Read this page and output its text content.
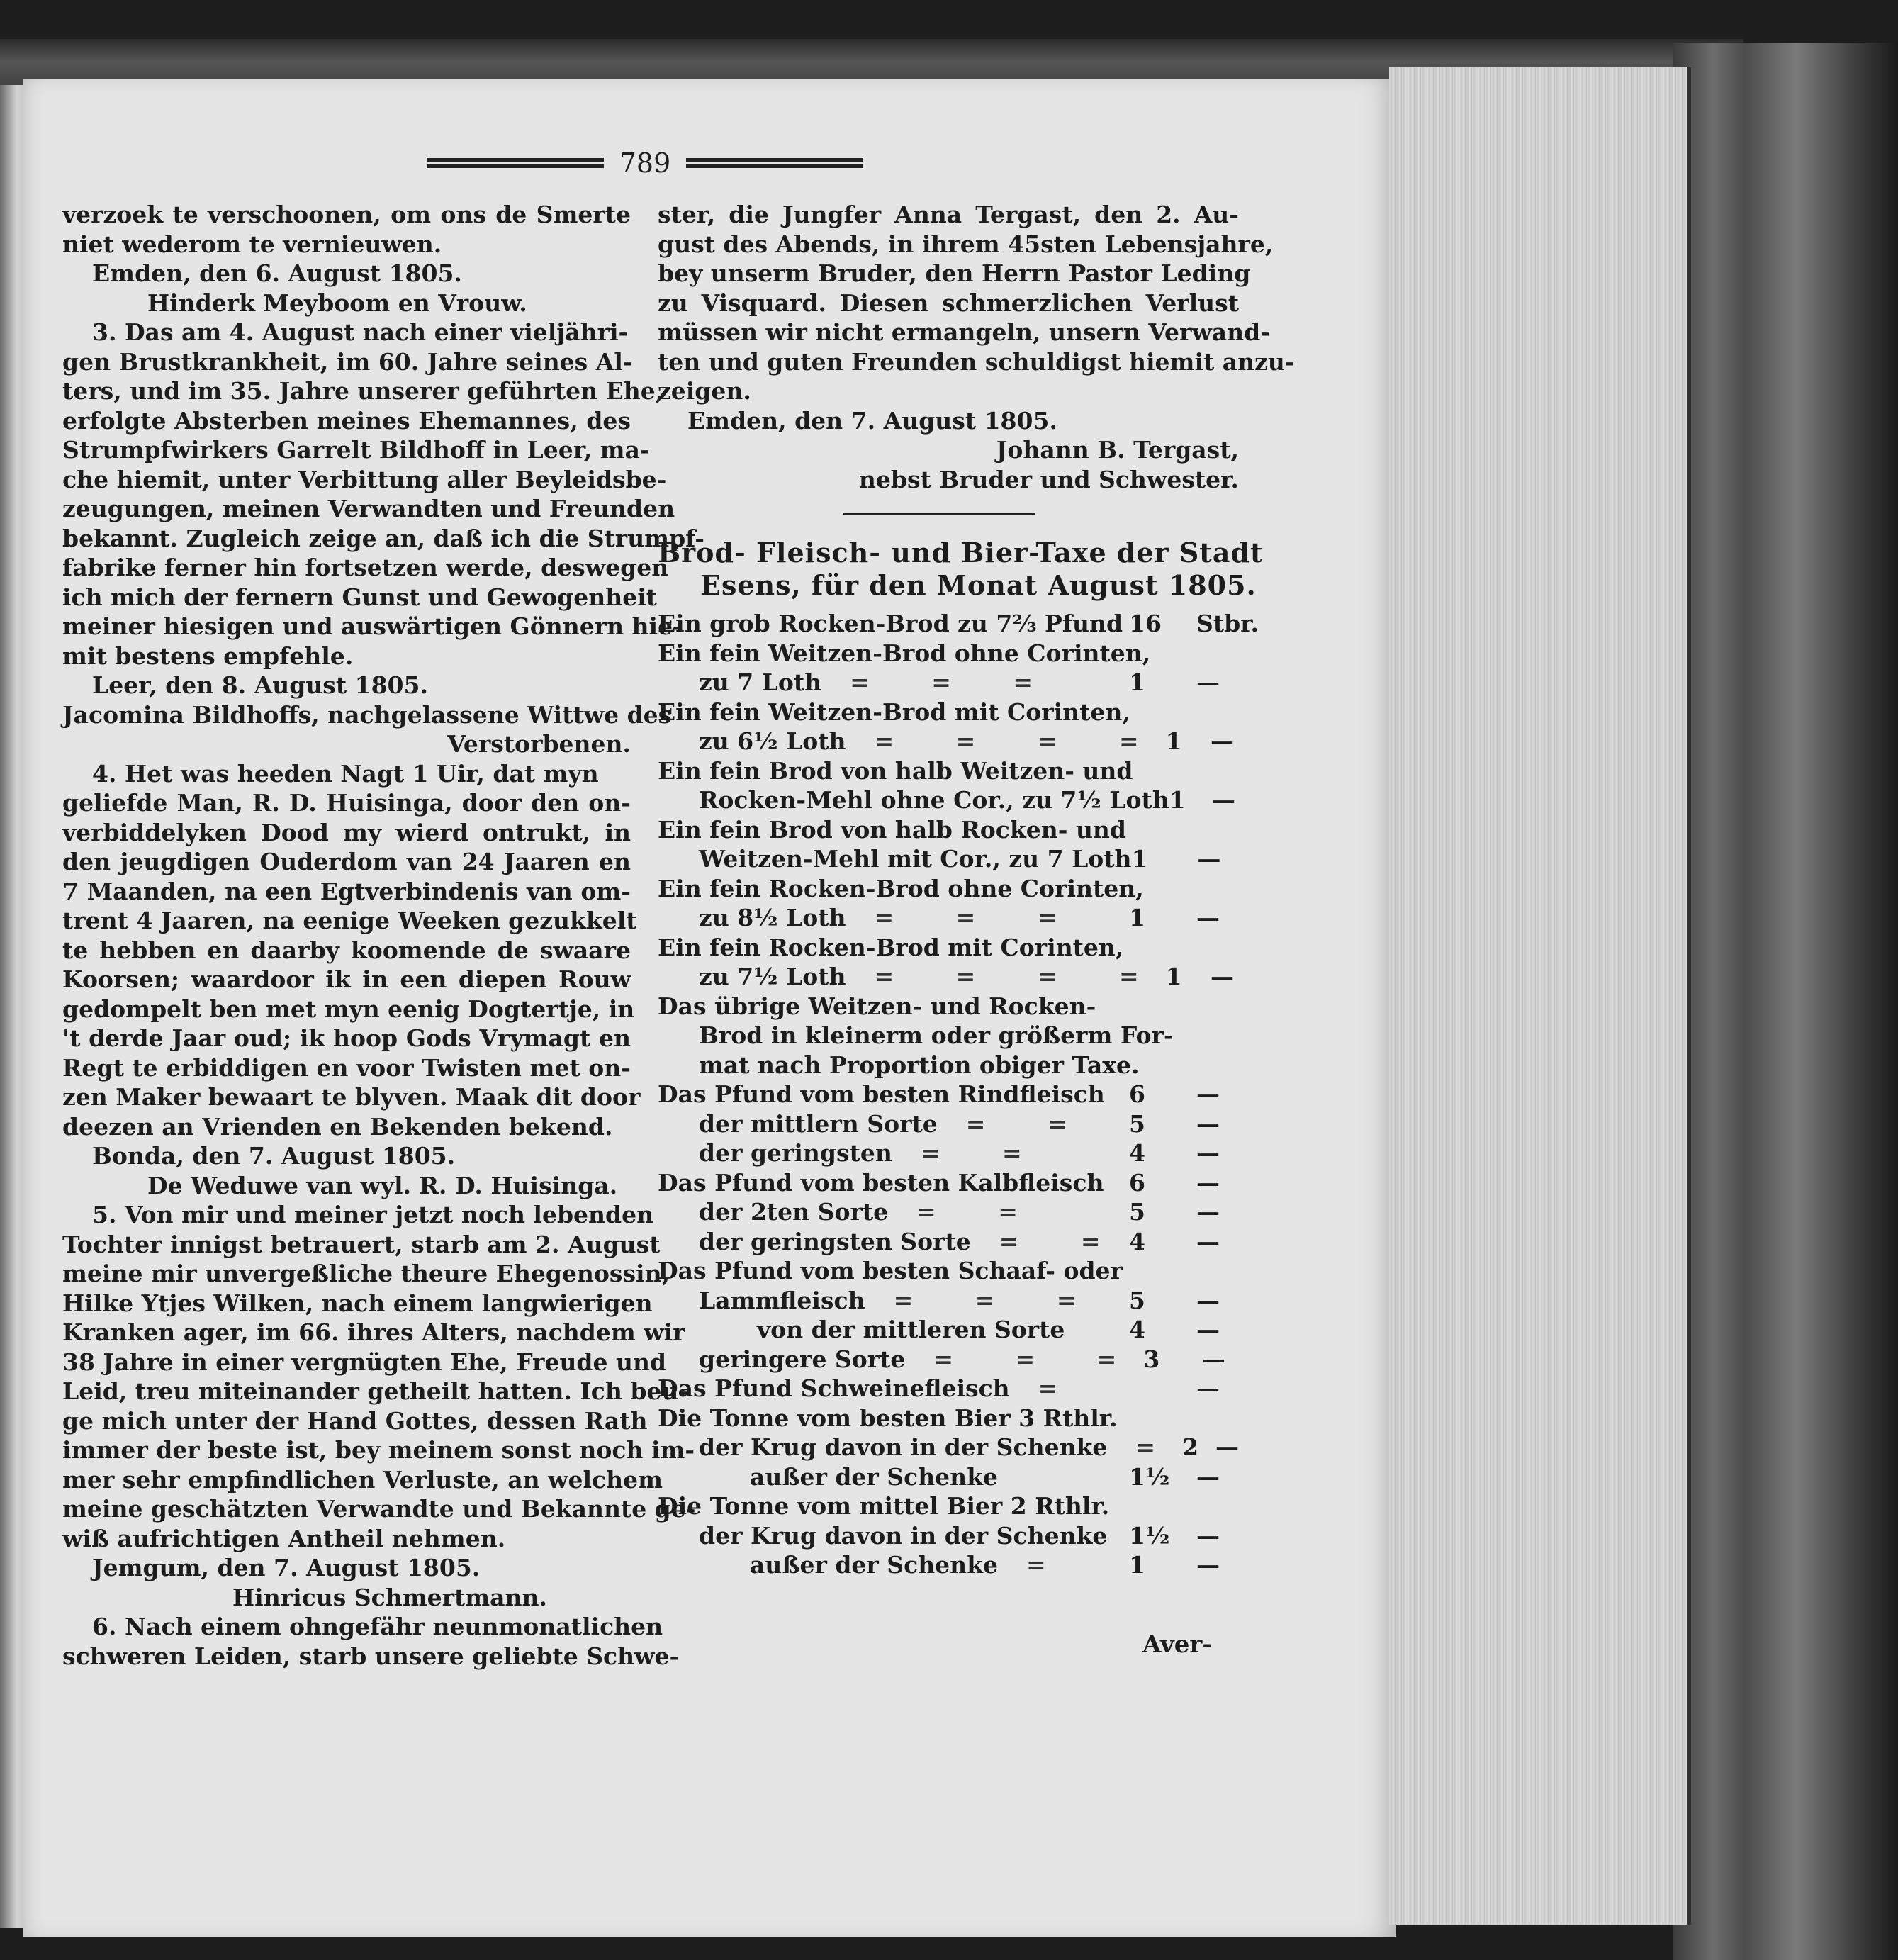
789
verzoek te verschoonen, om ons de Smerte
niet wederom te vernieuwen.
Emden, den 6. August 1805.
Hinderk Meyboom en Vrouw.
3. Das am 4. August nach einer vieljähri-
gen Brustkrankheit, im 60. Jahre seines Al-
ters, und im 35. Jahre unserer geführten Ehe,
erfolgte Absterben meines Ehemannes, des
Strumpfwirkers Garrelt Bildhoff in Leer, ma-
che hiemit, unter Verbittung aller Beyleidsbe-
zeugungen, meinen Verwandten und Freunden
bekannt. Zugleich zeige an, daß ich die Strumpf-
fabrike ferner hin fortsetzen werde, deswegen
ich mich der fernern Gunst und Gewogenheit
meiner hiesigen und auswärtigen Gönnern hie-
mit bestens empfehle.
Leer, den 8. August 1805.
Jacomina Bildhoffs, nachgelassene Wittwe des
Verstorbenen.
4. Het was heeden Nagt 1 Uir, dat myn
geliefde Man, R. D. Huisinga, door den on-
verbiddelyken Dood my wierd ontrukt, in
den jeugdigen Ouderdom van 24 Jaaren en
7 Maanden, na een Egtverbindenis van om-
trent 4 Jaaren, na eenige Weeken gezukkelt
te hebben en daarby koomende de swaare
Koorsen; waardoor ik in een diepen Rouw
gedompelt ben met myn eenig Dogtertje, in
't derde Jaar oud; ik hoop Gods Vrymagt en
Regt te erbiddigen en voor Twisten met on-
zen Maker bewaart te blyven. Maak dit door
deezen an Vrienden en Bekenden bekend.
Bonda, den 7. August 1805.
De Weduwe van wyl. R. D. Huisinga.
5. Von mir und meiner jetzt noch lebenden
Tochter innigst betrauert, starb am 2. August
meine mir unvergeßliche theure Ehegenossin,
Hilke Ytjes Wilken, nach einem langwierigen
Kranken ager, im 66. ihres Alters, nachdem wir
38 Jahre in einer vergnügten Ehe, Freude und
Leid, treu miteinander getheilt hatten. Ich beu-
ge mich unter der Hand Gottes, dessen Rath
immer der beste ist, bey meinem sonst noch im-
mer sehr empfindlichen Verluste, an welchem
meine geschätzten Verwandte und Bekannte ge-
wiß aufrichtigen Antheil nehmen.
Jemgum, den 7. August 1805.
Hinricus Schmertmann.
6. Nach einem ohngefähr neunmonatlichen
schweren Leiden, starb unsere geliebte Schwe-
ster, die Jungfer Anna Tergast, den 2. Au-
gust des Abends, in ihrem 45sten Lebensjahre,
bey unserm Bruder, den Herrn Pastor Leding
zu Visquard. Diesen schmerzlichen Verlust
müssen wir nicht ermangeln, unsern Verwand-
ten und guten Freunden schuldigst hiemit anzu-
zeigen.
Emden, den 7. August 1805.
Johann B. Tergast,
nebst Bruder und Schwester.
Brod- Fleisch- und Bier-Taxe der Stadt
Esens, für den Monat August 1805.
Ein grob Rocken-Brod zu 7⅔ Pfund 16	Stbr.
Ein fein Weitzen-Brod ohne Corinten,
zu 7 Loth = = =	1	—
Ein fein Weitzen-Brod mit Corinten,
zu 6½ Loth = = = = 1	—
Ein fein Brod von halb Weitzen- und
Rocken-Mehl ohne Cor., zu 7½ Loth 1	—
Ein fein Brod von halb Rocken- und
Weitzen-Mehl mit Cor., zu 7 Loth 1	—
Ein fein Rocken-Brod ohne Corinten,
zu 8½ Loth = = =	1	—
Ein fein Rocken-Brod mit Corinten,
zu 7½ Loth = = = = 1	—
Das übrige Weitzen- und Rocken-
Brod in kleinerm oder größerm For-
mat nach Proportion obiger Taxe.
Das Pfund vom besten Rindfleisch	6	—
der mittlern Sorte = =	5	—
der geringsten = =	4	—
Das Pfund vom besten Kalbfleisch	6	—
der 2ten Sorte = =	5	—
der geringsten Sorte = = 4	—
Das Pfund vom besten Schaaf- oder
Lammfleisch = = =	5	—
von der mittleren Sorte	4	—
geringere Sorte = = = 3	—
Das Pfund Schweinefleisch =	—
Die Tonne vom besten Bier 3 Rthlr.
der Krug davon in der Schenke = 2 —
außer der Schenke	1½	—
Die Tonne vom mittel Bier 2 Rthlr.
der Krug davon in der Schenke 1½	—
außer der Schenke =	1	—
Aver-
